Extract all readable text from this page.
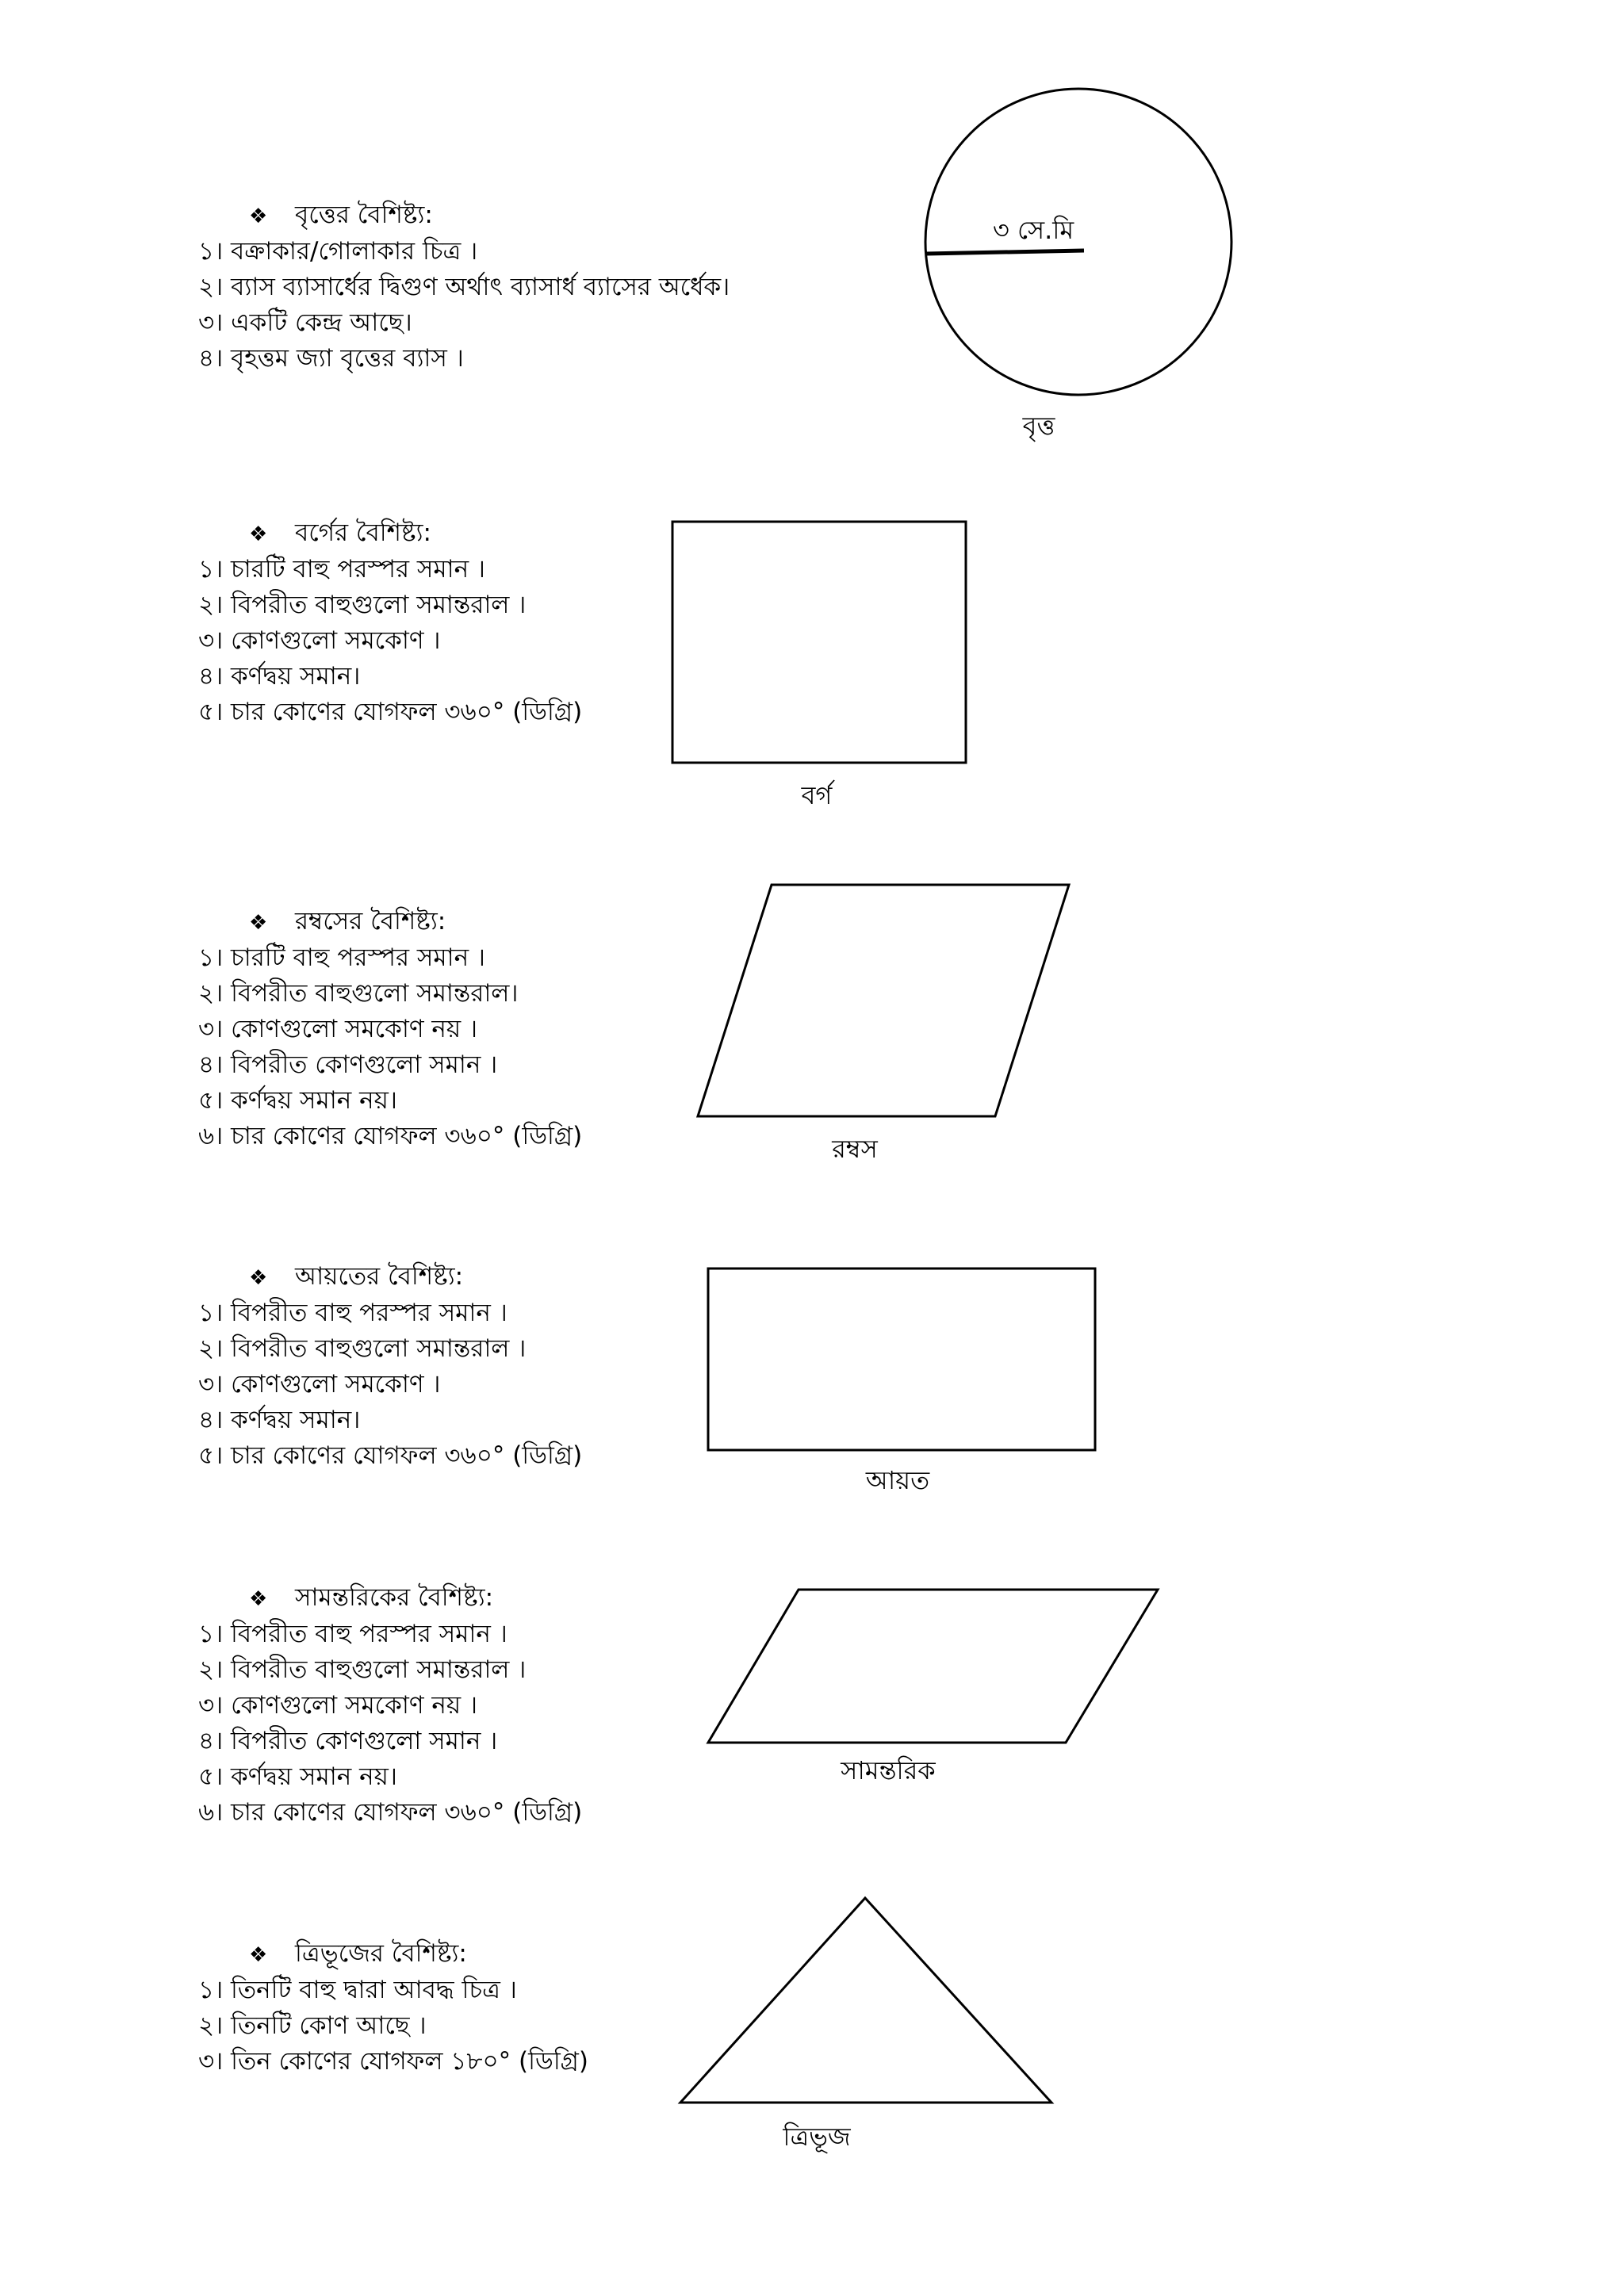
❖	বৃত্তের বৈশিষ্ট্য:
১। বক্রাকার/গোলাকার চিত্র ।
২। ব্যাস ব্যাসার্ধের দ্বিগুণ অর্থাৎ ব্যাসার্ধ ব্যাসের অর্ধেক।
৩। একটি কেন্দ্র আছে।
৪। বৃহত্তম জ্যা বৃত্তের ব্যাস ।
৩ সে.মি
বৃত্ত
❖	বর্গের বৈশিষ্ট্য:
১। চারটি বাহু পরস্পর সমান ।
২। বিপরীত বাহুগুলো সমান্তরাল ।
৩। কোণগুলো সমকোণ ।
৪। কর্ণদ্বয় সমান।
৫। চার কোণের যোগফল ৩৬০° (ডিগ্রি)
বর্গ
❖	রম্বসের বৈশিষ্ট্য:
১। চারটি বাহু পরস্পর সমান ।
২। বিপরীত বাহুগুলো সমান্তরাল।
৩। কোণগুলো সমকোণ নয় ।
৪। বিপরীত কোণগুলো সমান ।
৫। কর্ণদ্বয় সমান নয়।
৬। চার কোণের যোগফল ৩৬০° (ডিগ্রি)	রম্বস
❖	আয়তের বৈশিষ্ট্য:
১। বিপরীত বাহু পরস্পর সমান ।
২। বিপরীত বাহুগুলো সমান্তরাল ।
৩। কোণগুলো সমকোণ ।
৪। কর্ণদ্বয় সমান।
৫। চার কোণের যোগফল ৩৬০° (ডিগ্রি)
আয়ত
❖	সামন্তরিকের বৈশিষ্ট্য:
১। বিপরীত বাহু পরস্পর সমান ।
২। বিপরীত বাহুগুলো সমান্তরাল ।
৩। কোণগুলো সমকোণ নয় ।
৪। বিপরীত কোণগুলো সমান ।
৫। কর্ণদ্বয় সমান নয়।
৬। চার কোণের যোগফল ৩৬০° (ডিগ্রি)
সামন্তরিক
❖	ত্রিভূজের বৈশিষ্ট্য:
১। তিনটি বাহু দ্বারা আবদ্ধ চিত্র ।
২। তিনটি কোণ আছে ।
৩। তিন কোণের যোগফল ১৮০° (ডিগ্রি)
ত্রিভূজ
